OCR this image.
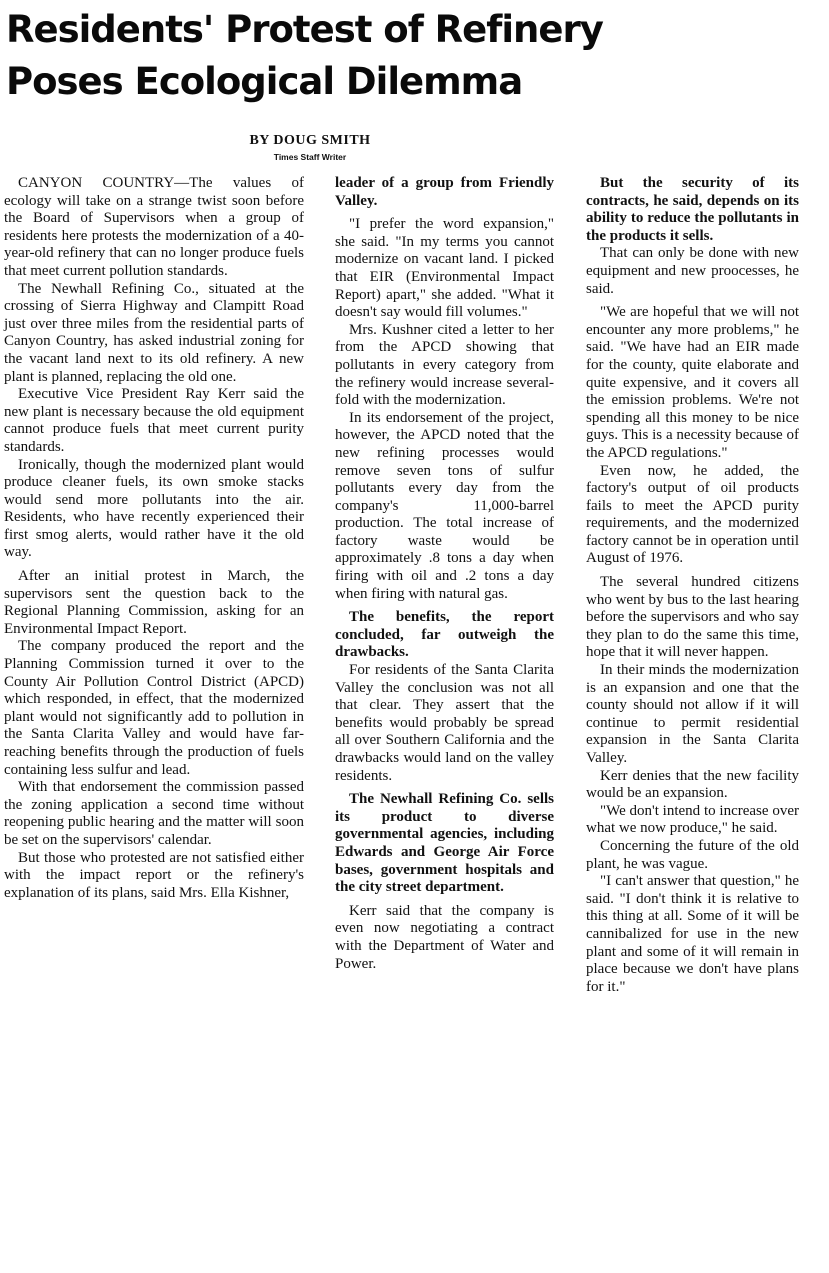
Residents' Protest of Refinery
Poses Ecological Dilemma
BY DOUG SMITH
Times Staff Writer

CANYON COUNTRY—The values of ecology will take on a strange twist soon before the Board of Supervisors when a group of residents here protests the modernization of a 40-year-old refinery that can no longer produce fuels that meet current pollution standards.

The Newhall Refining Co., situated at the crossing of Sierra Highway and Clampitt Road just over three miles from the residential parts of Canyon Country, has asked industrial zoning for the vacant land next to its old refinery. A new plant is planned, replacing the old one.

Executive Vice President Ray Kerr said the new plant is necessary because the old equipment cannot produce fuels that meet current purity standards.

Ironically, though the modernized plant would produce cleaner fuels, its own smoke stacks would send more pollutants into the air. Residents, who have recently experienced their first smog alerts, would rather have it the old way.

After an initial protest in March, the supervisors sent the question back to the Regional Planning Commission, asking for an Environmental Impact Report.

The company produced the report and the Planning Commission turned it over to the County Air Pollution Control District (APCD) which responded, in effect, that the modernized plant would not significantly add to pollution in the Santa Clarita Valley and would have far-reaching benefits through the production of fuels containing less sulfur and lead.

With that endorsement the commission passed the zoning application a second time without reopening public hearing and the matter will soon be set on the supervisors' calendar.

But those who protested are not satisfied either with the impact report or the refinery's explanation of its plans, said Mrs. Ella Kishner,

leader of a group from Friendly Valley.

"I prefer the word expansion," she said. "In my terms you cannot modernize on vacant land. I picked that EIR (Environmental Impact Report) apart," she added. "What it doesn't say would fill volumes."

Mrs. Kushner cited a letter to her from the APCD showing that pollutants in every category from the refinery would increase several-fold with the modernization.

In its endorsement of the project, however, the APCD noted that the new refining processes would remove seven tons of sulfur pollutants every day from the company's 11,000-barrel production. The total increase of factory waste would be approximately .8 tons a day when firing with oil and .2 tons a day when firing with natural gas.

The benefits, the report concluded, far outweigh the drawbacks.

For residents of the Santa Clarita Valley the conclusion was not all that clear. They assert that the benefits would probably be spread all over Southern California and the drawbacks would land on the valley residents.

The Newhall Refining Co. sells its product to diverse governmental agencies, including Edwards and George Air Force bases, government hospitals and the city street department.

Kerr said that the company is even now negotiating a contract with the Department of Water and Power.

But the security of its contracts, he said, depends on its ability to reduce the pollutants in the products it sells.

That can only be done with new equipment and new proocesses, he said.

"We are hopeful that we will not encounter any more problems," he said. "We have had an EIR made for the county, quite elaborate and quite expensive, and it covers all the emission problems. We're not spending all this money to be nice guys. This is a necessity because of the APCD regulations."

Even now, he added, the factory's output of oil products fails to meet the APCD purity requirements, and the modernized factory cannot be in operation until August of 1976.

The several hundred citizens who went by bus to the last hearing before the supervisors and who say they plan to do the same this time, hope that it will never happen.

In their minds the modernization is an expansion and one that the county should not allow if it will continue to permit residential expansion in the Santa Clarita Valley.

Kerr denies that the new facility would be an expansion.

"We don't intend to increase over what we now produce," he said.

Concerning the future of the old plant, he was vague.

"I can't answer that question," he said. "I don't think it is relative to this thing at all. Some of it will be cannibalized for use in the new plant and some of it will remain in place because we don't have plans for it."
